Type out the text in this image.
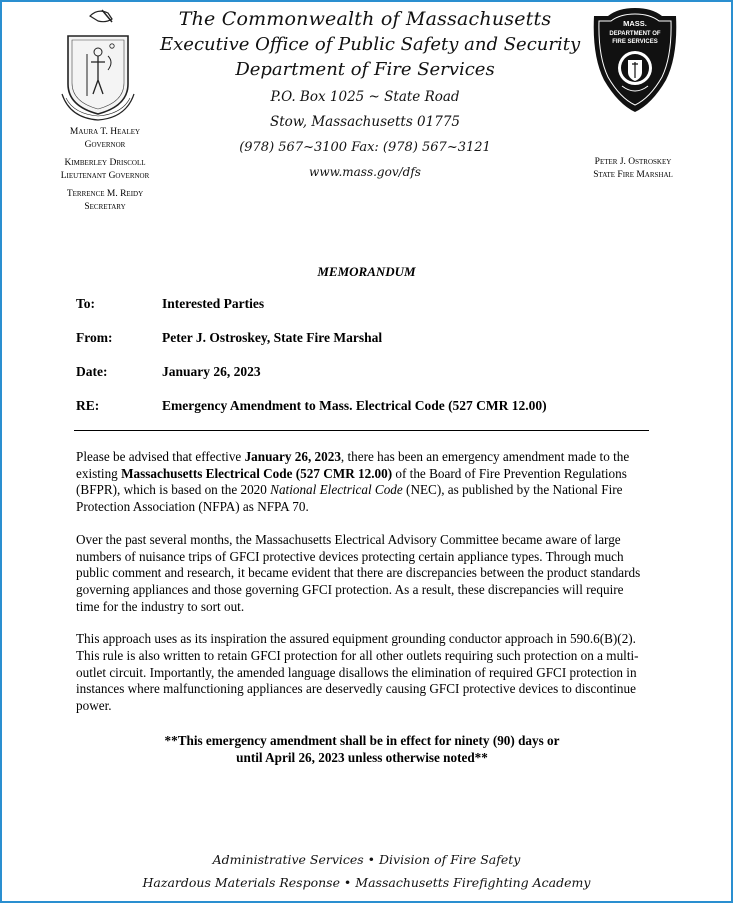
The Commonwealth of Massachusetts
Executive Office of Public Safety and Security
Department of Fire Services
P.O. Box 1025 ~ State Road
Stow, Massachusetts 01775
(978) 567~3100 Fax: (978) 567~3121
www.mass.gov/dfs
MASS.
DEPARTMENT OF
FIRE SERVICES
Maura T. Healey
Governor
Kimberley Driscoll
Lieutenant Governor
Terrence M. Reidy
Secretary
Peter J. Ostroskey
State Fire Marshal
MEMORANDUM
To:	Interested Parties
From:	Peter J. Ostroskey, State Fire Marshal
Date:	January 26, 2023
RE:	Emergency Amendment to Mass. Electrical Code (527 CMR 12.00)

Please be advised that effective January 26, 2023, there has been an emergency amendment made to the existing Massachusetts Electrical Code (527 CMR 12.00) of the Board of Fire Prevention Regulations (BFPR), which is based on the 2020 National Electrical Code (NEC), as published by the National Fire Protection Association (NFPA) as NFPA 70.

Over the past several months, the Massachusetts Electrical Advisory Committee became aware of large numbers of nuisance trips of GFCI protective devices protecting certain appliance types. Through much public comment and research, it became evident that there are discrepancies between the product standards governing appliances and those governing GFCI protection. As a result, these discrepancies will require time for the industry to sort out.

This approach uses as its inspiration the assured equipment grounding conductor approach in 590.6(B)(2). This rule is also written to retain GFCI protection for all other outlets requiring such protection on a multi-outlet circuit. Importantly, the amended language disallows the elimination of required GFCI protection in instances where malfunctioning appliances are deservedly causing GFCI protective devices to discontinue power.

**This emergency amendment shall be in effect for ninety (90) days or
until April 26, 2023 unless otherwise noted**
Administrative Services • Division of Fire Safety
Hazardous Materials Response • Massachusetts Firefighting Academy
